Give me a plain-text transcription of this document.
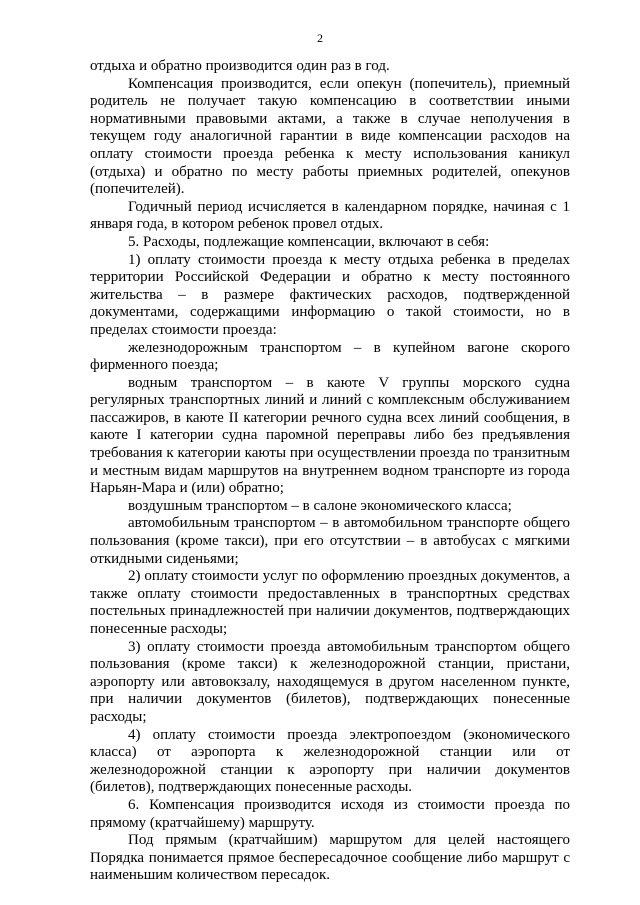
2

отдыха и обратно производится один раз в год.

Компенсация производится, если опекун (попечитель), приемный родитель не получает такую компенсацию в соответствии иными нормативными правовыми актами, а также в случае неполучения в текущем году аналогичной гарантии в виде компенсации расходов на оплату стоимости проезда ребенка к месту использования каникул (отдыха) и обратно по месту работы приемных родителей, опекунов (попечителей).

Годичный период исчисляется в календарном порядке, начиная с 1 января года, в котором ребенок провел отдых.

5. Расходы, подлежащие компенсации, включают в себя:

1) оплату стоимости проезда к месту отдыха ребенка в пределах территории Российской Федерации и обратно к месту постоянного жительства – в размере фактических расходов, подтвержденной документами, содержащими информацию о такой стоимости, но в пределах стоимости проезда:

железнодорожным транспортом – в купейном вагоне скорого фирменного поезда;

водным транспортом – в каюте V группы морского судна регулярных транспортных линий и линий с комплексным обслуживанием пассажиров, в каюте II категории речного судна всех линий сообщения, в каюте I категории судна паромной переправы либо без предъявления требования к категории каюты при осуществлении проезда по транзитным и местным видам маршрутов на внутреннем водном транспорте из города Нарьян-Мара и (или) обратно;

воздушным транспортом – в салоне экономического класса;

автомобильным транспортом – в автомобильном транспорте общего пользования (кроме такси), при его отсутствии – в автобусах с мягкими откидными сиденьями;

2) оплату стоимости услуг по оформлению проездных документов, а также оплату стоимости предоставленных в транспортных средствах постельных принадлежностей при наличии документов, подтверждающих понесенные расходы;

3) оплату стоимости проезда автомобильным транспортом общего пользования (кроме такси) к железнодорожной станции, пристани, аэропорту или автовокзалу, находящемуся в другом населенном пункте, при наличии документов (билетов), подтверждающих понесенные расходы;

4) оплату стоимости проезда электропоездом (экономического класса) от аэропорта к железнодорожной станции или от железнодорожной станции к аэропорту при наличии документов (билетов), подтверждающих понесенные расходы.

6. Компенсация производится исходя из стоимости проезда по прямому (кратчайшему) маршруту.

Под прямым (кратчайшим) маршрутом для целей настоящего Порядка понимается прямое беспересадочное сообщение либо маршрут с наименьшим количеством пересадок.
